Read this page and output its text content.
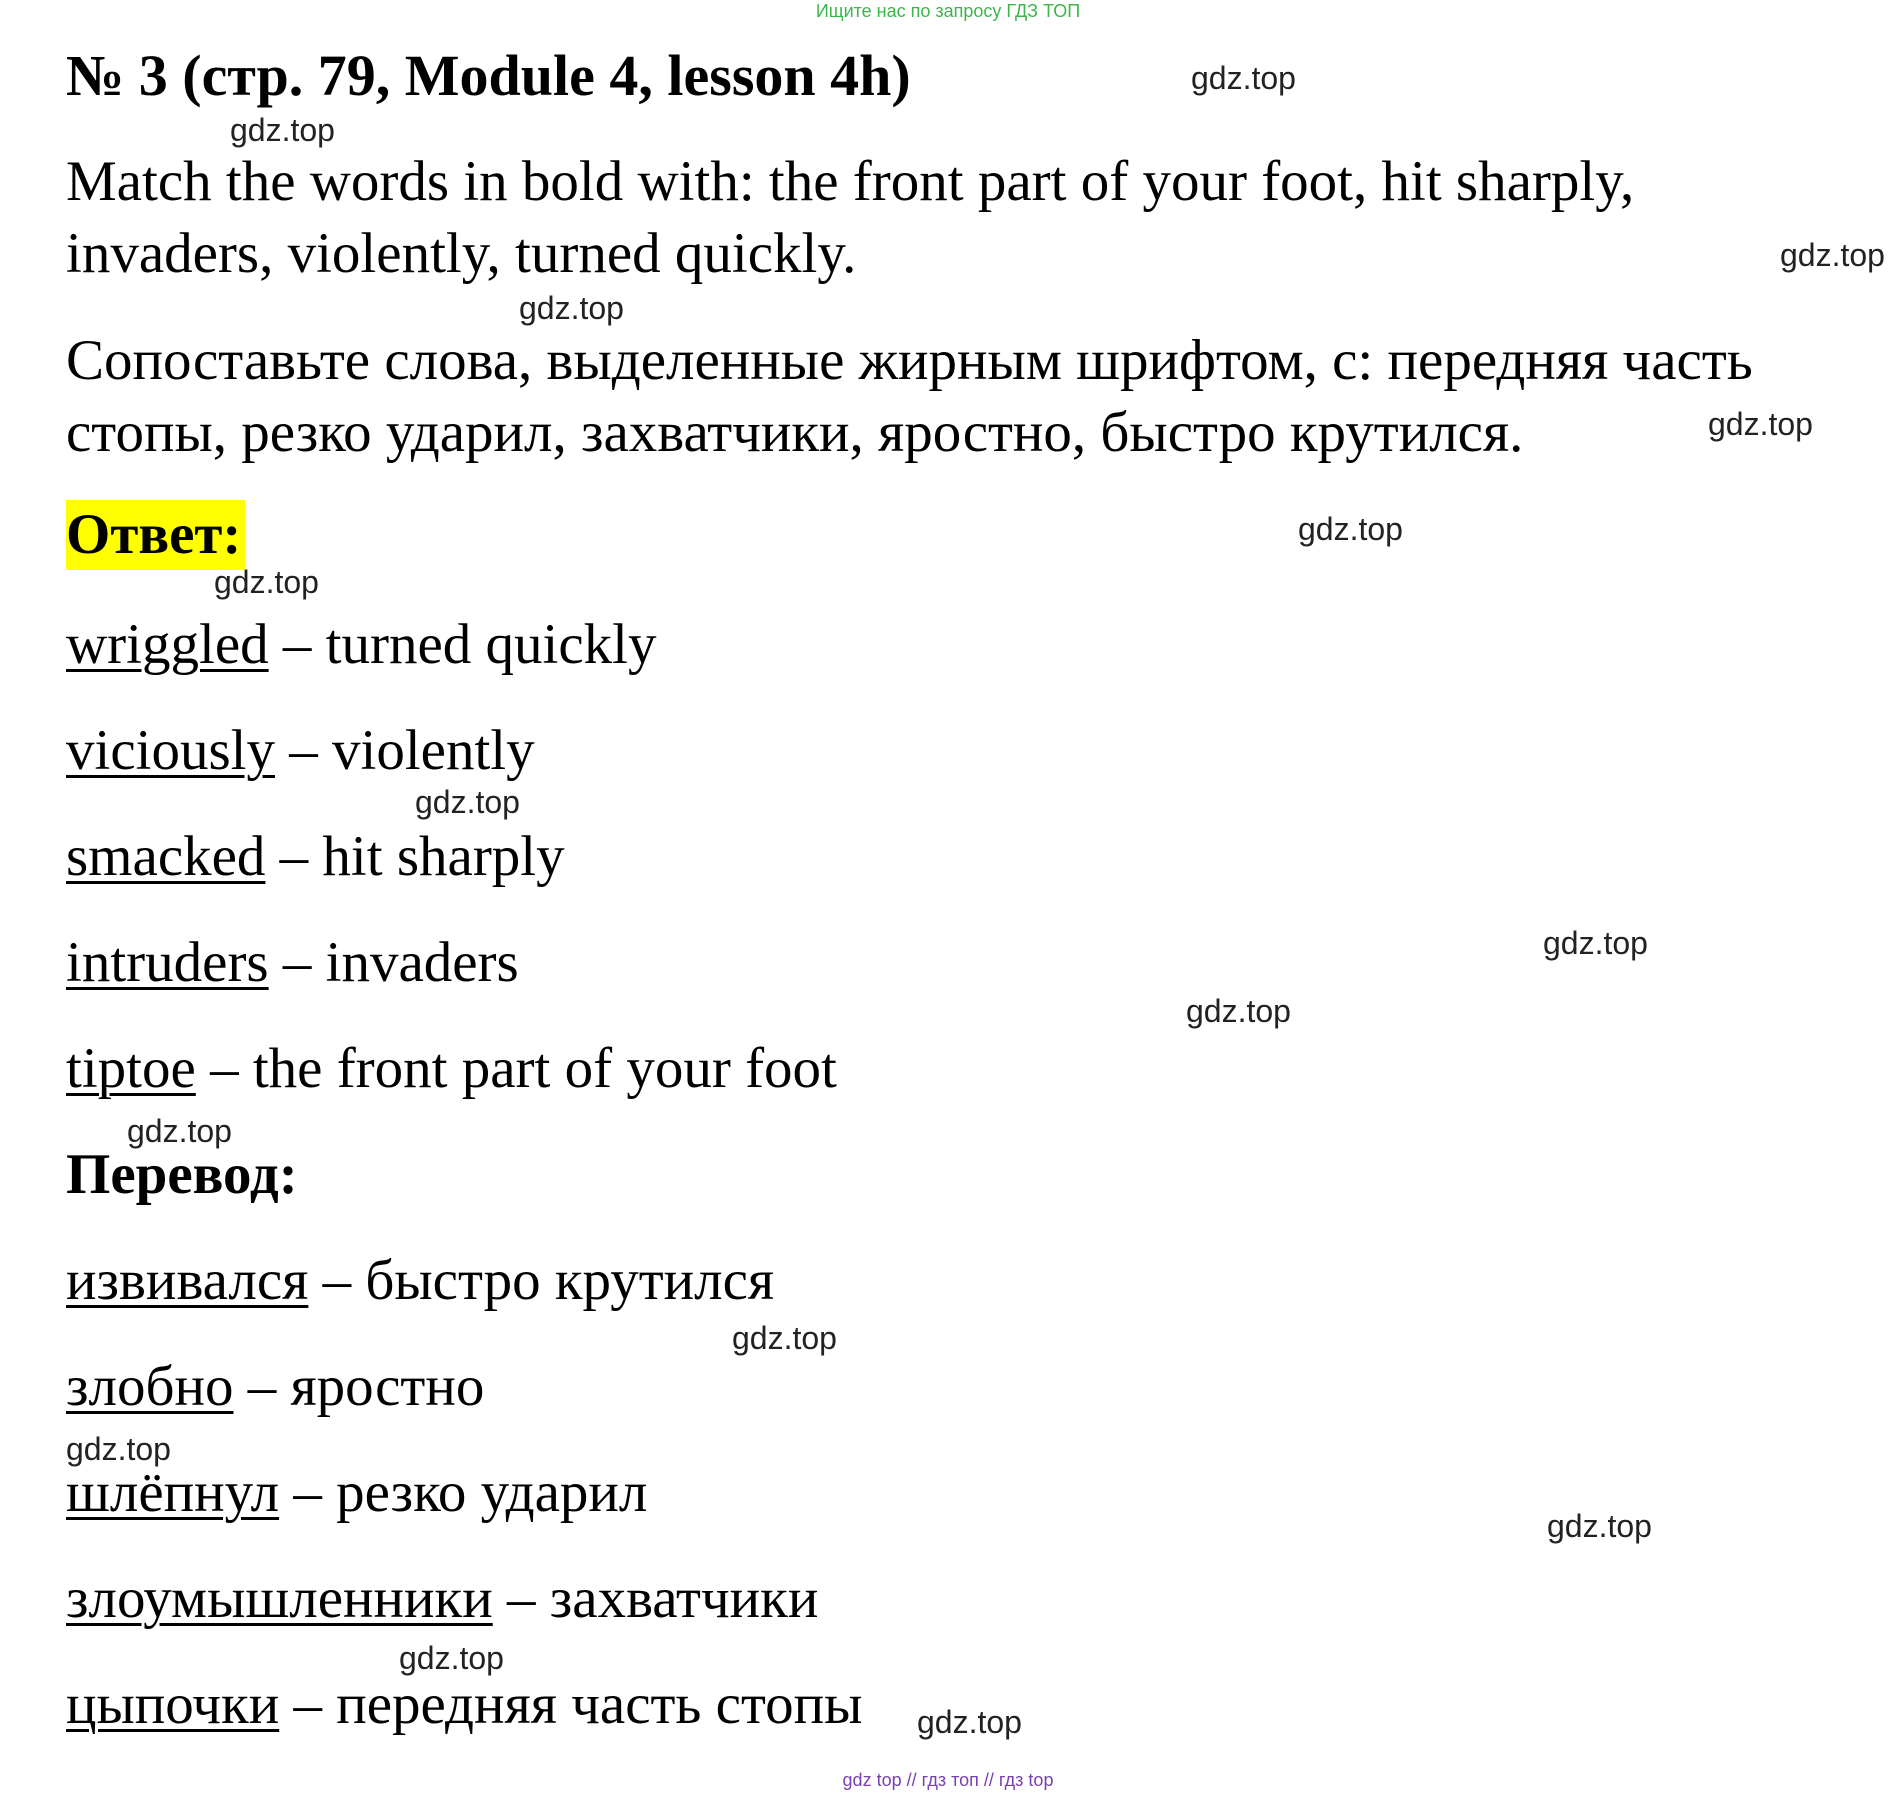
Ищите нас по запросу ГДЗ ТОП
№ 3 (стр. 79, Module 4, lesson 4h)
Match the words in bold with: the front part of your foot, hit sharply,
invaders, violently, turned quickly.
Сопоставьте слова, выделенные жирным шрифтом, с: передняя часть
стопы, резко ударил, захватчики, яростно, быстро крутился.
Ответ:
wriggled – turned quickly
viciously – violently
smacked – hit sharply
intruders – invaders
tiptoe – the front part of your foot
Перевод:
извивался – быстро крутился
злобно – яростно
шлёпнул – резко ударил
злоумышленники – захватчики
цыпочки – передняя часть стопы
gdz.top
gdz.top
gdz.top
gdz.top
gdz.top
gdz.top
gdz.top
gdz.top
gdz.top
gdz.top
gdz.top
gdz.top
gdz.top
gdz.top
gdz.top
gdz.top
gdz top // гдз топ // гдз top
